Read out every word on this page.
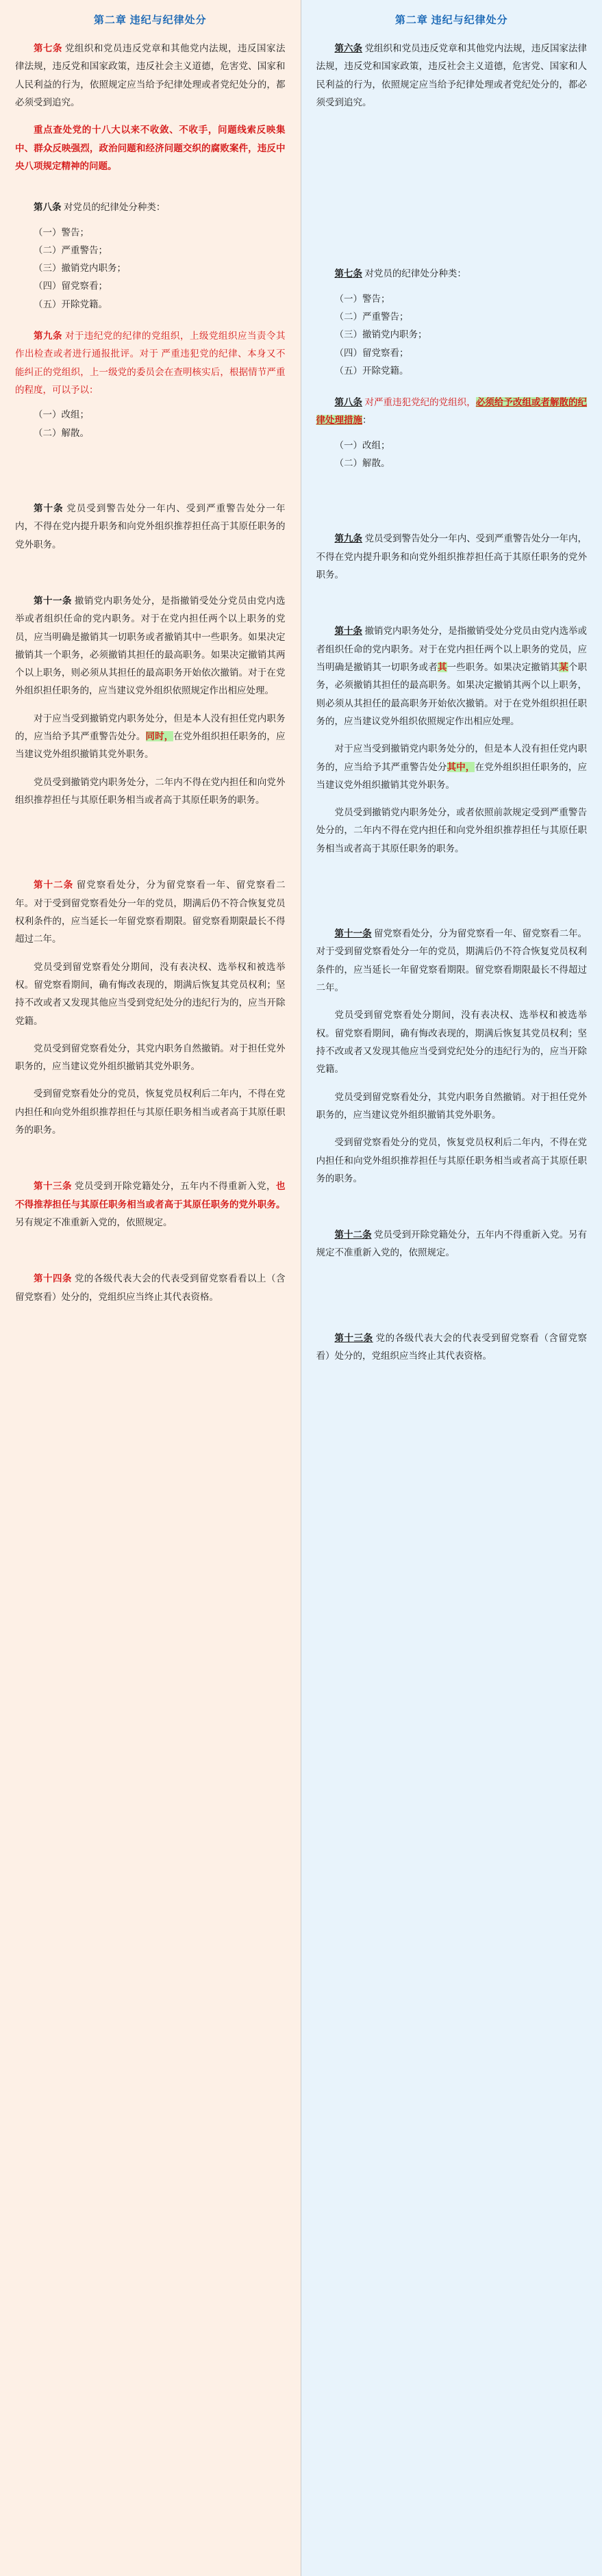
第二章 违纪与纪律处分

第七条 党组织和党员违反党章和其他党内法规，违反国家法律法规，违反党和国家政策，违反社会主义道德，危害党、国家和人民利益的行为，依照规定应当给予纪律处理或者党纪处分的，都必须受到追究。

重点查处党的十八大以来不收敛、不收手，问题线索反映集中、群众反映强烈，政治问题和经济问题交织的腐败案件，违反中央八项规定精神的问题。

第八条 对党员的纪律处分种类：

（一）警告；

（二）严重警告；

（三）撤销党内职务；

（四）留党察看；

（五）开除党籍。

第九条 对于违纪党的纪律的党组织，上级党组织应当责令其作出检查或者进行通报批评。对于 严重违犯党的纪律、本身又不能纠正的党组织，上一级党的委员会在查明核实后，根据情节严重的程度，可以予以：

（一）改组；

（二）解散。

第十条 党员受到警告处分一年内、受到严重警告处分一年内，不得在党内提升职务和向党外组织推荐担任高于其原任职务的党外职务。

第十一条 撤销党内职务处分，是指撤销受处分党员由党内选举或者组织任命的党内职务。对于在党内担任两个以上职务的党员，应当明确是撤销其一切职务或者撤销其中一些职务。如果决定撤销其一个职务，必须撤销其担任的最高职务。如果决定撤销其两个以上职务，则必须从其担任的最高职务开始依次撤销。对于在党外组织担任职务的，应当建议党外组织依照规定作出相应处理。

对于应当受到撤销党内职务处分，但是本人没有担任党内职务的，应当给予其严重警告处分。同时，在党外组织担任职务的，应当建议党外组织撤销其党外职务。

党员受到撤销党内职务处分，二年内不得在党内担任和向党外组织推荐担任与其原任职务相当或者高于其原任职务的职务。

第十二条 留党察看处分，分为留党察看一年、留党察看二年。对于受到留党察看处分一年的党员，期满后仍不符合恢复党员权利条件的，应当延长一年留党察看期限。留党察看期限最长不得超过二年。

党员受到留党察看处分期间，没有表决权、选举权和被选举权。留党察看期间，确有悔改表现的，期满后恢复其党员权利；坚持不改或者又发现其他应当受到党纪处分的违纪行为的，应当开除党籍。

党员受到留党察看处分，其党内职务自然撤销。对于担任党外职务的，应当建议党外组织撤销其党外职务。

受到留党察看处分的党员，恢复党员权利后二年内，不得在党内担任和向党外组织推荐担任与其原任职务相当或者高于其原任职务的职务。

第十三条 党员受到开除党籍处分，五年内不得重新入党，也不得推荐担任与其原任职务相当或者高于其原任职务的党外职务。另有规定不准重新入党的，依照规定。

第十四条 党的各级代表大会的代表受到留党察看看以上（含留党察看）处分的，党组织应当终止其代表资格。

第二章 违纪与纪律处分

第六条 党组织和党员违反党章和其他党内法规，违反国家法律法规，违反党和国家政策，违反社会主义道德，危害党、国家和人民利益的行为，依照规定应当给予纪律处理或者党纪处分的，都必须受到追究。

第七条 对党员的纪律处分种类：

（一）警告；

（二）严重警告；

（三）撤销党内职务；

（四）留党察看；

（五）开除党籍。

第八条 对严重违犯党纪的党组织，必须给予改组或者解散的纪律处理措施：

（一）改组；

（二）解散。

第九条 党员受到警告处分一年内、受到严重警告处分一年内，不得在党内提升职务和向党外组织推荐担任高于其原任职务的党外职务。

第十条 撤销党内职务处分，是指撤销受处分党员由党内选举或者组织任命的党内职务。对于在党内担任两个以上职务的党员，应当明确是撤销其一切职务或者其一些职务。如果决定撤销其某个职务，必须撤销其担任的最高职务。如果决定撤销其两个以上职务，则必须从其担任的最高职务开始依次撤销。对于在党外组织担任职务的，应当建议党外组织依照规定作出相应处理。

对于应当受到撤销党内职务处分的，但是本人没有担任党内职务的，应当给予其严重警告处分其中，在党外组织担任职务的，应当建议党外组织撤销其党外职务。

党员受到撤销党内职务处分，或者依照前款规定受到严重警告处分的，二年内不得在党内担任和向党外组织推荐担任与其原任职务相当或者高于其原任职务的职务。

第十一条 留党察看处分，分为留党察看一年、留党察看二年。对于受到留党察看处分一年的党员，期满后仍不符合恢复党员权利条件的，应当延长一年留党察看期限。留党察看期限最长不得超过二年。

党员受到留党察看处分期间，没有表决权、选举权和被选举权。留党察看期间，确有悔改表现的，期满后恢复其党员权利；坚持不改或者又发现其他应当受到党纪处分的违纪行为的，应当开除党籍。

党员受到留党察看处分，其党内职务自然撤销。对于担任党外职务的，应当建议党外组织撤销其党外职务。

受到留党察看处分的党员，恢复党员权利后二年内，不得在党内担任和向党外组织推荐担任与其原任职务相当或者高于其原任职务的职务。

第十二条 党员受到开除党籍处分，五年内不得重新入党。另有规定不准重新入党的，依照规定。

第十三条 党的各级代表大会的代表受到留党察看（含留党察看）处分的，党组织应当终止其代表资格。
